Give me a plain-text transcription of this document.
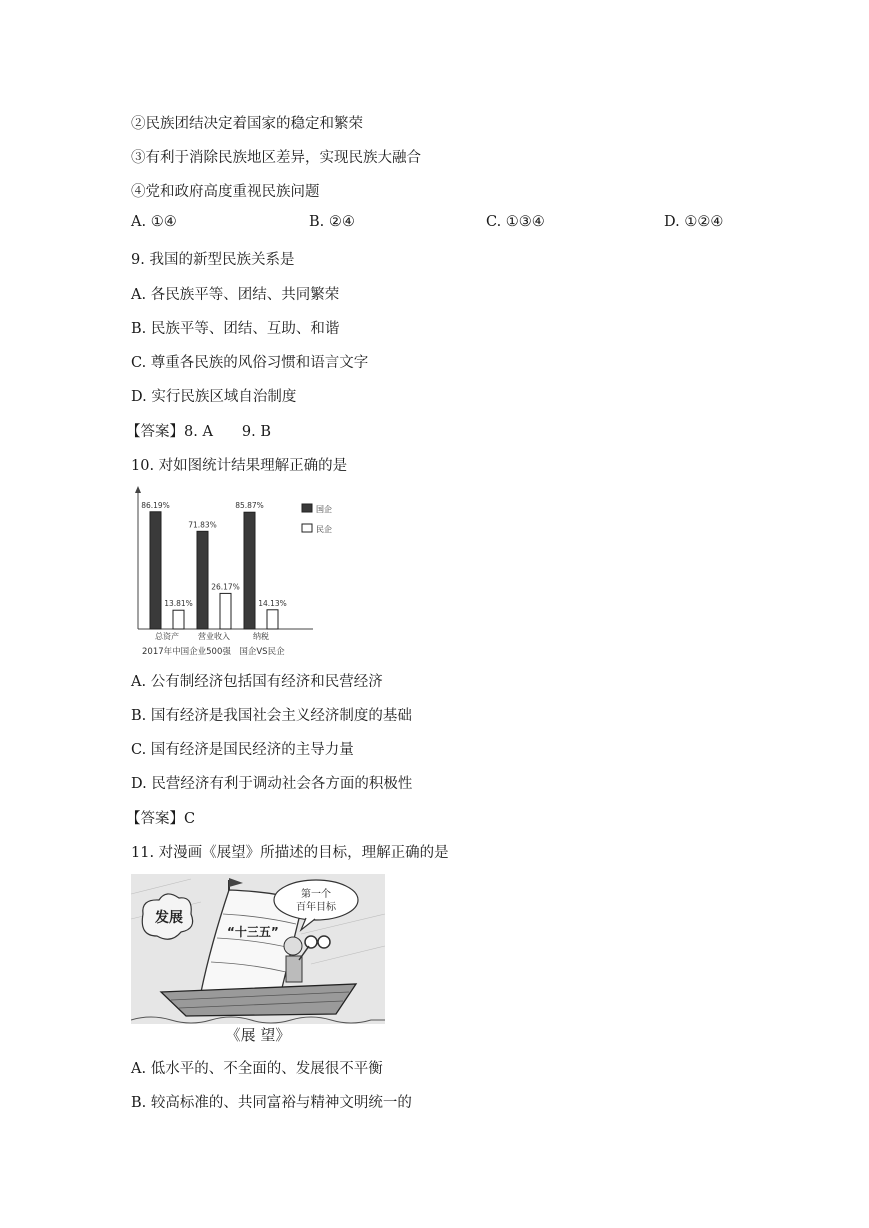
②民族团结决定着国家的稳定和繁荣
③有利于消除民族地区差异，实现民族大融合
④党和政府高度重视民族问题
A. ①④	B. ②④	C. ①③④	D. ①②④
9. 我国的新型民族关系是
A. 各民族平等、团结、共同繁荣
B. 民族平等、团结、互助、和谐
C. 尊重各民族的风俗习惯和语言文字
D. 实行民族区域自治制度
【答案】8. A　　9. B
10. 对如图统计结果理解正确的是
86.19%
13.81%
总资产
71.83%
26.17%
营业收入
85.87%
14.13%
纳税
国企
民企
2017年中国企业500强　国企VS民企
A. 公有制经济包括国有经济和民营经济
B. 国有经济是我国社会主义经济制度的基础
C. 国有经济是国民经济的主导力量
D. 民营经济有利于调动社会各方面的积极性
【答案】C
11. 对漫画《展望》所描述的目标，理解正确的是
发展
“十三五”
第一个
百年目标
《展 望》
A. 低水平的、不全面的、发展很不平衡
B. 较高标准的、共同富裕与精神文明统一的
